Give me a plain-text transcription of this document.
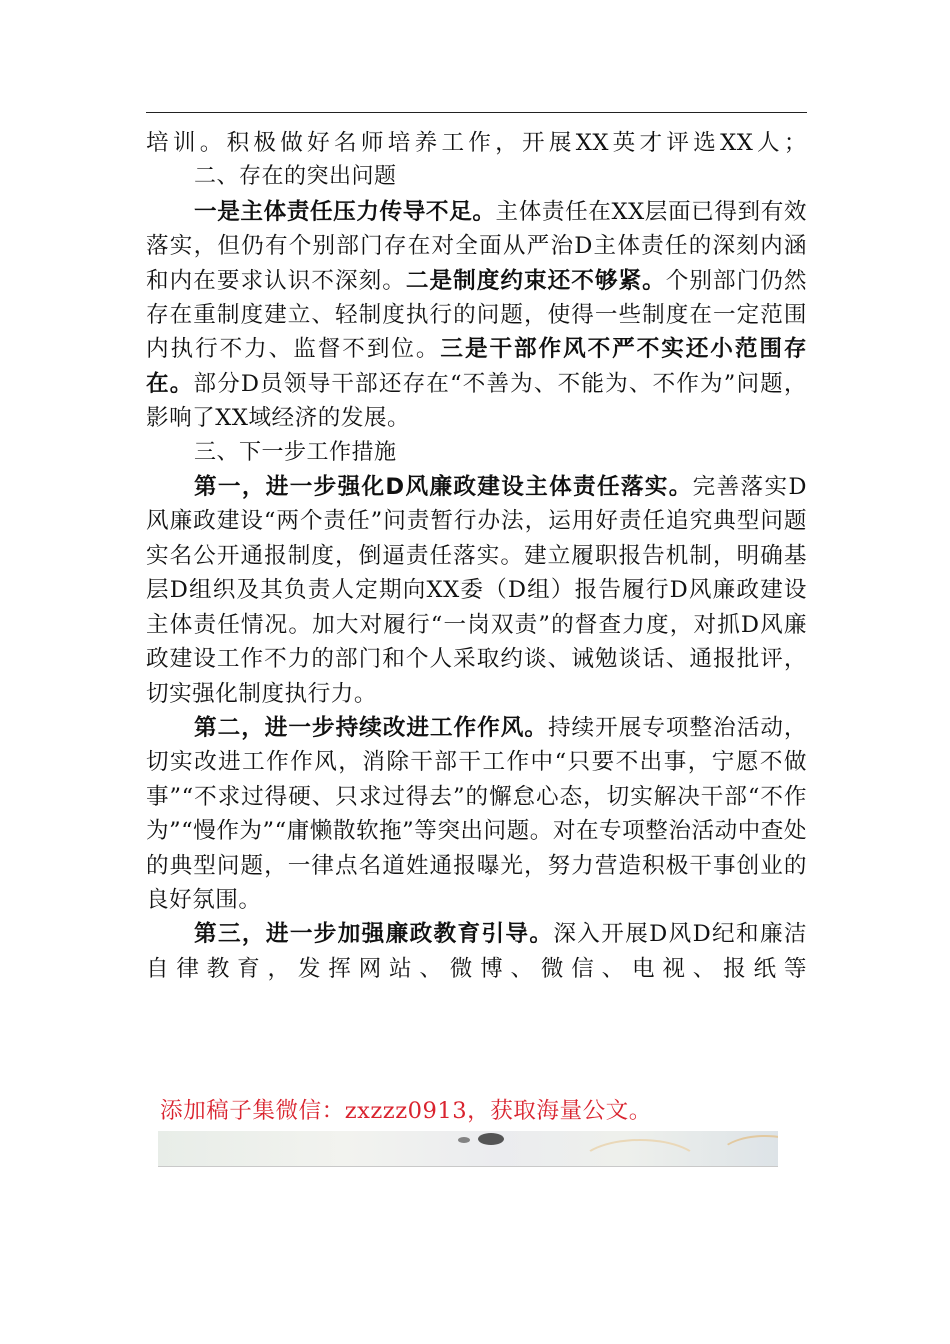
培训。积极做好名师培养工作，开展XX英才评选XX人；

二、存在的突出问题

一是主体责任压力传导不足。主体责任在XX层面已得到有效落实，但仍有个别部门存在对全面从严治D主体责任的深刻内涵和内在要求认识不深刻。二是制度约束还不够紧。个别部门仍然存在重制度建立、轻制度执行的问题，使得一些制度在一定范围内执行不力、监督不到位。三是干部作风不严不实还小范围存在。部分D员领导干部还存在“不善为、不能为、不作为”问题，影响了XX域经济的发展。

三、下一步工作措施

第一，进一步强化D风廉政建设主体责任落实。完善落实D风廉政建设“两个责任”问责暂行办法，运用好责任追究典型问题实名公开通报制度，倒逼责任落实。建立履职报告机制，明确基层D组织及其负责人定期向XX委（D组）报告履行D风廉政建设主体责任情况。加大对履行“一岗双责”的督查力度，对抓D风廉政建设工作不力的部门和个人采取约谈、诫勉谈话、通报批评，切实强化制度执行力。

第二，进一步持续改进工作作风。持续开展专项整治活动，切实改进工作作风，消除干部干工作中“只要不出事，宁愿不做事”“不求过得硬、只求过得去”的懈怠心态，切实解决干部“不作为”“慢作为”“庸懒散软拖”等突出问题。对在专项整治活动中查处的典型问题，一律点名道姓通报曝光，努力营造积极干事创业的良好氛围。

第三，进一步加强廉政教育引导。深入开展D风D纪和廉洁自律教育，发挥网站、微博、微信、电视、报纸等

添加稿子集微信：zxzzz0913，获取海量公文。
